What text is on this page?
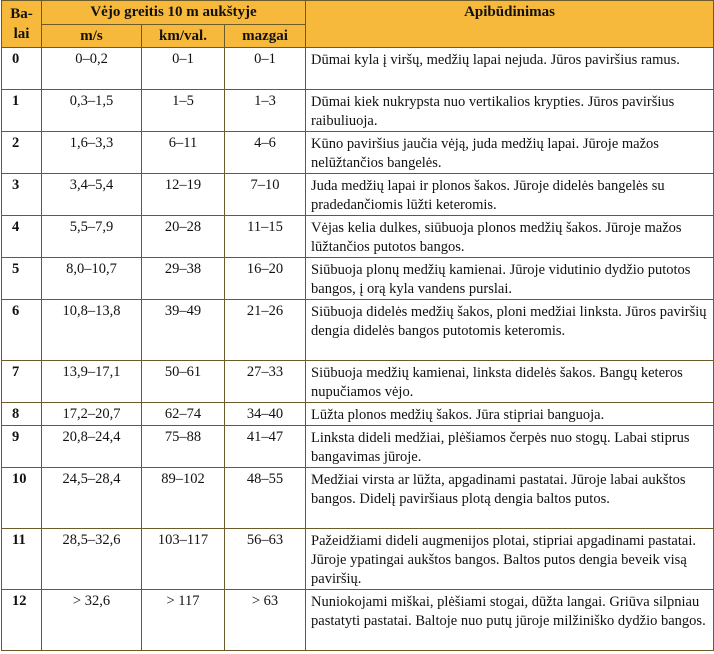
Ba-
lai	Vėjo greitis 10 m aukštyje			Apibūdinimas
	m/s	km/val.	mazgai	
0	0–0,2	0–1	0–1	Dūmai kyla į viršų, medžių lapai nejuda. Jūros paviršius ramus.
1	0,3–1,5	1–5	1–3	Dūmai kiek nukrypsta nuo vertikalios krypties. Jūros paviršius raibuliuoja.
2	1,6–3,3	6–11	4–6	Kūno paviršius jaučia vėją, juda medžių lapai. Jūroje mažos nelūžtančios bangelės.
3	3,4–5,4	12–19	7–10	Juda medžių lapai ir plonos šakos. Jūroje didelės bangelės su pradedančiomis lūžti keteromis.
4	5,5–7,9	20–28	11–15	Vėjas kelia dulkes, siūbuoja plonos medžių šakos. Jūroje mažos lūžtančios putotos bangos.
5	8,0–10,7	29–38	16–20	Siūbuoja plonų medžių kamienai. Jūroje vidutinio dydžio putotos bangos, į orą kyla vandens purslai.
6	10,8–13,8	39–49	21–26	Siūbuoja didelės medžių šakos, ploni medžiai linksta. Jūros paviršių dengia didelės bangos putotomis keteromis.
7	13,9–17,1	50–61	27–33	Siūbuoja medžių kamienai, linksta didelės šakos. Bangų keteros nupučiamos vėjo.
8	17,2–20,7	62–74	34–40	Lūžta plonos medžių šakos. Jūra stipriai banguoja.
9	20,8–24,4	75–88	41–47	Linksta dideli medžiai, plėšiamos čerpės nuo stogų. Labai stiprus bangavimas jūroje.
10	24,5–28,4	89–102	48–55	Medžiai virsta ar lūžta, apgadinami pastatai. Jūroje labai aukštos bangos. Didelį paviršiaus plotą dengia baltos putos.
11	28,5–32,6	103–117	56–63	Pažeidžiami dideli augmenijos plotai, stipriai apgadinami pastatai. Jūroje ypatingai aukštos bangos. Baltos putos dengia beveik visą paviršių.
12	> 32,6	> 117	> 63	Nuniokojami miškai, plėšiami stogai, dūžta langai. Griūva silpniau pastatyti pastatai. Baltoje nuo putų jūroje milžiniško dydžio bangos.
